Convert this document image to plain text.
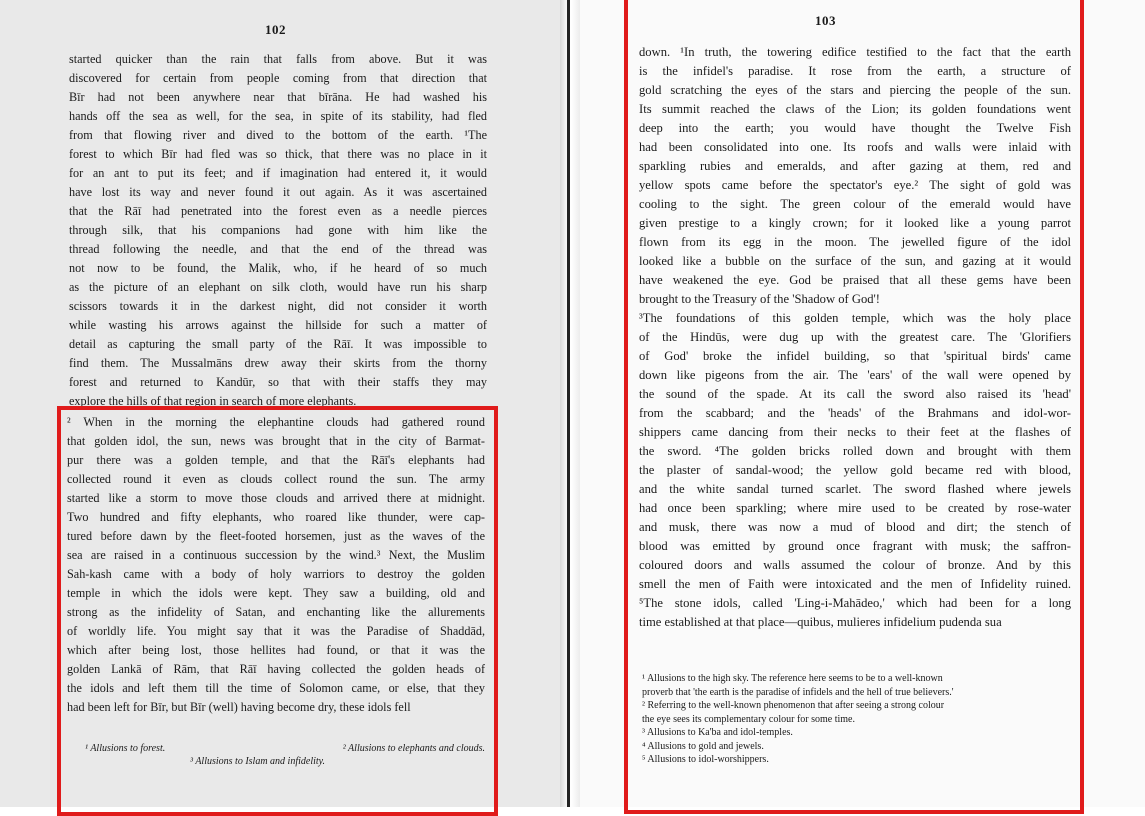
102
started quicker than the rain that falls from above. But it was
discovered for certain from people coming from that direction that
Bīr had not been anywhere near that bīrāna. He had washed his
hands off the sea as well, for the sea, in spite of its stability, had fled
from that flowing river and dived to the bottom of the earth. ¹The
forest to which Bīr had fled was so thick, that there was no place in it
for an ant to put its feet; and if imagination had entered it, it would
have lost its way and never found it out again. As it was ascertained
that the Rāī had penetrated into the forest even as a needle pierces
through silk, that his companions had gone with him like the
thread following the needle, and that the end of the thread was
not now to be found, the Malik, who, if he heard of so much
as the picture of an elephant on silk cloth, would have run his sharp
scissors towards it in the darkest night, did not consider it worth
while wasting his arrows against the hillside for such a matter of
detail as capturing the small party of the Rāī. It was impossible to
find them. The Mussalmāns drew away their skirts from the thorny
forest and returned to Kandūr, so that with their staffs they may
explore the hills of that region in search of more elephants.
² When in the morning the elephantine clouds had gathered round
that golden idol, the sun, news was brought that in the city of Barmat-
pur there was a golden temple, and that the Rāī's elephants had
collected round it even as clouds collect round the sun. The army
started like a storm to move those clouds and arrived there at midnight.
Two hundred and fifty elephants, who roared like thunder, were cap-
tured before dawn by the fleet-footed horsemen, just as the waves of the
sea are raised in a continuous succession by the wind.³ Next, the Muslim
Sah-kash came with a body of holy warriors to destroy the golden
temple in which the idols were kept. They saw a building, old and
strong as the infidelity of Satan, and enchanting like the allurements
of worldly life. You might say that it was the Paradise of Shaddād,
which after being lost, those hellites had found, or that it was the
golden Lankā of Rām, that Rāī having collected the golden heads of
the idols and left them till the time of Solomon came, or else, that they
had been left for Bīr, but Bīr (well) having become dry, these idols fell
¹ Allusions to forest.	² Allusions to elephants and clouds.
³ Allusions to Islam and infidelity.
103
down. ¹In truth, the towering edifice testified to the fact that the earth
is the infidel's paradise. It rose from the earth, a structure of
gold scratching the eyes of the stars and piercing the people of the sun.
Its summit reached the claws of the Lion; its golden foundations went
deep into the earth; you would have thought the Twelve Fish
had been consolidated into one. Its roofs and walls were inlaid with
sparkling rubies and emeralds, and after gazing at them, red and
yellow spots came before the spectator's eye.² The sight of gold was
cooling to the sight. The green colour of the emerald would have
given prestige to a kingly crown; for it looked like a young parrot
flown from its egg in the moon. The jewelled figure of the idol
looked like a bubble on the surface of the sun, and gazing at it would
have weakened the eye. God be praised that all these gems have been
brought to the Treasury of the 'Shadow of God'!
³The foundations of this golden temple, which was the holy place
of the Hindūs, were dug up with the greatest care. The 'Glorifiers
of God' broke the infidel building, so that 'spiritual birds' came
down like pigeons from the air. The 'ears' of the wall were opened by
the sound of the spade. At its call the sword also raised its 'head'
from the scabbard; and the 'heads' of the Brahmans and idol-wor-
shippers came dancing from their necks to their feet at the flashes of
the sword. ⁴The golden bricks rolled down and brought with them
the plaster of sandal-wood; the yellow gold became red with blood,
and the white sandal turned scarlet. The sword flashed where jewels
had once been sparkling; where mire used to be created by rose-water
and musk, there was now a mud of blood and dirt; the stench of
blood was emitted by ground once fragrant with musk; the saffron-
coloured doors and walls assumed the colour of bronze. And by this
smell the men of Faith were intoxicated and the men of Infidelity ruined.
⁵The stone idols, called 'Ling-i-Mahādeo,' which had been for a long
time established at that place—quibus, mulieres infidelium pudenda sua
¹ Allusions to the high sky. The reference here seems to be to a well-known
proverb that 'the earth is the paradise of infidels and the hell of true believers.'
² Referring to the well-known phenomenon that after seeing a strong colour
the eye sees its complementary colour for some time.
³ Allusions to Ka'ba and idol-temples.
⁴ Allusions to gold and jewels.
⁵ Allusions to idol-worshippers.
